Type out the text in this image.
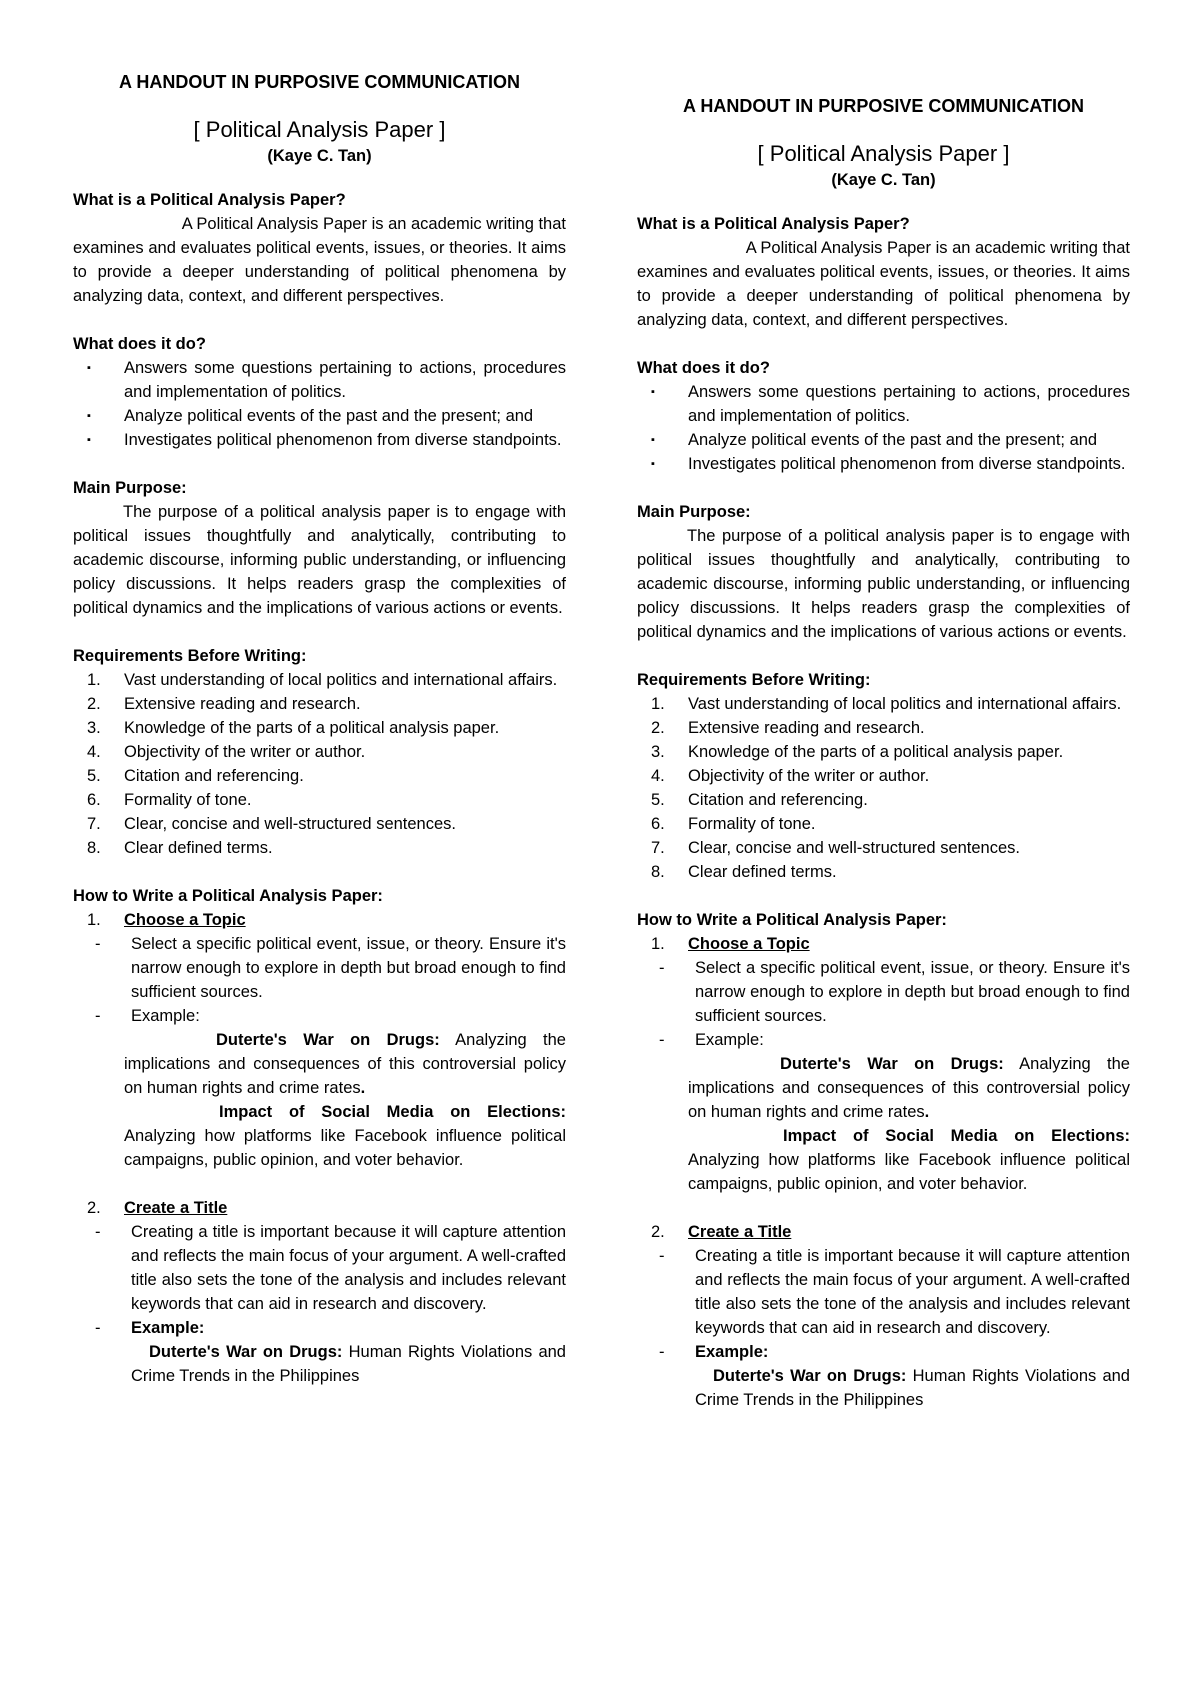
A HANDOUT IN PURPOSIVE COMMUNICATION

[ Political Analysis Paper ]

(Kaye C. Tan)

What is a Political Analysis Paper?

A Political Analysis Paper is an academic writing that

examines and evaluates political events, issues, or theories. It aims to provide a deeper understanding of political phenomena by analyzing data, context, and different perspectives.

What does it do?

▪ Answers some questions pertaining to actions, procedures and implementation of politics.
▪ Analyze political events of the past and the present; and
▪ Investigates political phenomenon from diverse standpoints.

Main Purpose:

The purpose of a political analysis paper is to engage with political issues thoughtfully and analytically, contributing to academic discourse, informing public understanding, or influencing policy discussions. It helps readers grasp the complexities of political dynamics and the implications of various actions or events.

Requirements Before Writing:

1. Vast understanding of local politics and international affairs.
2. Extensive reading and research.
3. Knowledge of the parts of a political analysis paper.
4. Objectivity of the writer or author.
5. Citation and referencing.
6. Formality of tone.
7. Clear, concise and well-structured sentences.
8. Clear defined terms.

How to Write a Political Analysis Paper:

1. Choose a Topic

- Select a specific political event, issue, or theory. Ensure it's narrow enough to explore in depth but broad enough to find sufficient sources.
- Example:

Duterte's War on Drugs: Analyzing the implications and consequences of this controversial policy on human rights and crime rates.

Impact of Social Media on Elections: Analyzing how platforms like Facebook influence political campaigns, public opinion, and voter behavior.

2. Create a Title

- Creating a title is important because it will capture attention and reflects the main focus of your argument. A well-crafted title also sets the tone of the analysis and includes relevant keywords that can aid in research and discovery.
- Example:

Duterte's War on Drugs: Human Rights Violations and Crime Trends in the Philippines

A HANDOUT IN PURPOSIVE COMMUNICATION

[ Political Analysis Paper ]

(Kaye C. Tan)

What is a Political Analysis Paper?

A Political Analysis Paper is an academic writing that

examines and evaluates political events, issues, or theories. It aims to provide a deeper understanding of political phenomena by analyzing data, context, and different perspectives.

What does it do?

▪ Answers some questions pertaining to actions, procedures and implementation of politics.
▪ Analyze political events of the past and the present; and
▪ Investigates political phenomenon from diverse standpoints.

Main Purpose:

The purpose of a political analysis paper is to engage with political issues thoughtfully and analytically, contributing to academic discourse, informing public understanding, or influencing policy discussions. It helps readers grasp the complexities of political dynamics and the implications of various actions or events.

Requirements Before Writing:

1. Vast understanding of local politics and international affairs.
2. Extensive reading and research.
3. Knowledge of the parts of a political analysis paper.
4. Objectivity of the writer or author.
5. Citation and referencing.
6. Formality of tone.
7. Clear, concise and well-structured sentences.
8. Clear defined terms.

How to Write a Political Analysis Paper:

1. Choose a Topic

- Select a specific political event, issue, or theory. Ensure it's narrow enough to explore in depth but broad enough to find sufficient sources.
- Example:

Duterte's War on Drugs: Analyzing the implications and consequences of this controversial policy on human rights and crime rates.

Impact of Social Media on Elections: Analyzing how platforms like Facebook influence political campaigns, public opinion, and voter behavior.

2. Create a Title

- Creating a title is important because it will capture attention and reflects the main focus of your argument. A well-crafted title also sets the tone of the analysis and includes relevant keywords that can aid in research and discovery.
- Example:

Duterte's War on Drugs: Human Rights Violations and Crime Trends in the Philippines
